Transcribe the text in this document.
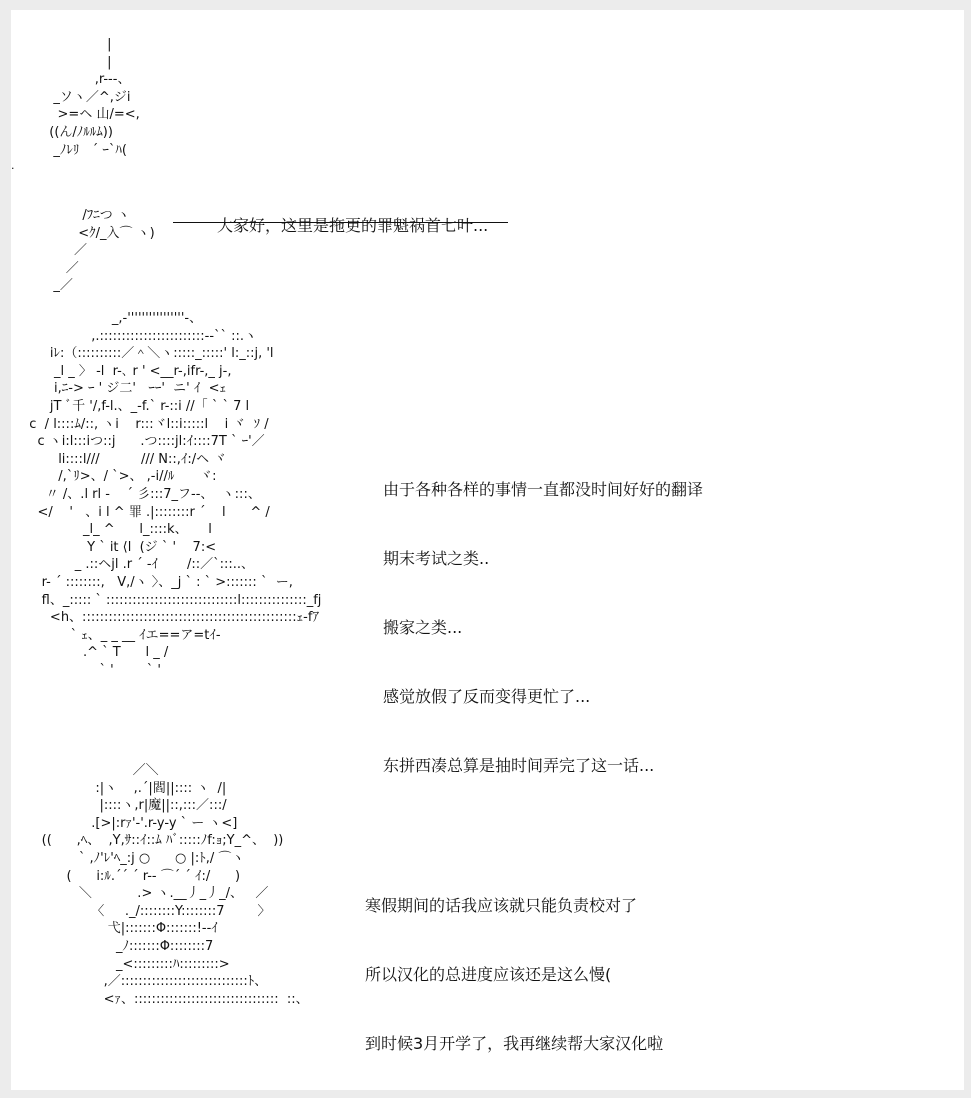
·
|
|
,r---、
_ソヽ／^,ジi
>=ヘ 山/=<,
((ん/ﾉﾙﾙﾑ))
_ﾉﾚﾘ   ´ ｰ`ﾊ(
/ﾌﾆつ ヽ
<ｸ/_入⌒ ヽ)
／
／
_／

大家好，这里是拖更的罪魁祸首七叶...

_,-''''''''''''''''-、
,.::::::::::::::::::::::::--`` ::.ヽ
iﾚ:（::::::::::／＾＼ヽ:::::_:::::' l:_::j, 'l
_l _ 〉 -l  r-､ r ' <__r-,ifr-,_ j-,
i,ﾆ-> ｰ ' ジ二'   ｰｰ'  ニ' ｲ  <ｪ
jT ﾞ千 '/,f-l.、_-f.` r-::i //「 ` ` 7 l
c  / l::::ﾑ/::, ヽi    r:::ヾl::i:::::l    i ヾ  ｿ /
c ヽi:l:::iつ::j      .つ::::jl:ｲ::::7T ` ｰ'／
li::::l///          /// N::,ｲ:/ヘ ヾ
/,`ﾘ>、/ `>、 ,-i//ﾙ      ヾ:
〃 /、.l rl -    ´ 彡:::7_フ--、  ヽ:::、
</    '   、i l ^ 罪 .|::::::::r ´    l      ^ /
_l_ ^      l_::::k、     l
Y ` it ⟨l  (ジ ` '    7:<
_ .::ヘjl .r ´ -ｲ       /::／`:::..、
r- ´ ::::::::,   V,/ヽ 〉、_j ` : ` >::::::: `  ー,
fl、_::::: ` ::::::::::::::::::::::::::::::l:::::::::::::::_fj
<h、:::::::::::::::::::::::::::::::::::::::::::::::::ｪ-fｱ
` ｪ、_ _ __ ｲエ==ア=tｲ-
.^ ` T      l _ /
` '        ` '

由于各种各样的事情一直都没时间好好的翻译

期末考试之类..

搬家之类...

感觉放假了反而变得更忙了...

东拼西凑总算是抽时间弄完了这一话...

／＼
:|ヽ    ,.´|閻||:::: ヽ  /|
|::::ヽ,r|魔||::,:::／:::/
.[>|:rｧ'-'.r-y-y ` ー ヽ<]
((      ,ﾍ、  ,Y,ｻ::ｲ::ﾑ ﾊﾞ:::::ﾉf:ｮ;Y_^、  ))
` ,ﾉ'ﾚ'ﾍ_:j ○      ○ |:ﾄ,/ ⌒ヽ
(      i:ﾙ.´´ ´ r-- ⌒´ ´ ｲ:/      )
＼           .> ヽ.__丿_丿_/、   ／
〈     ._/::::::::Y::::::::7        〉
弋|:::::::Φ:::::::!--ｲ
_ﾉ:::::::Φ::::::::7
_<:::::::::ﾊ:::::::::>
,／:::::::::::::::::::::::::::::ﾄ、
<ｧ、:::::::::::::::::::::::::::::::::  ::、

寒假期间的话我应该就只能负责校对了

所以汉化的总进度应该还是这么慢(

到时候3月开学了，我再继续帮大家汉化啦
